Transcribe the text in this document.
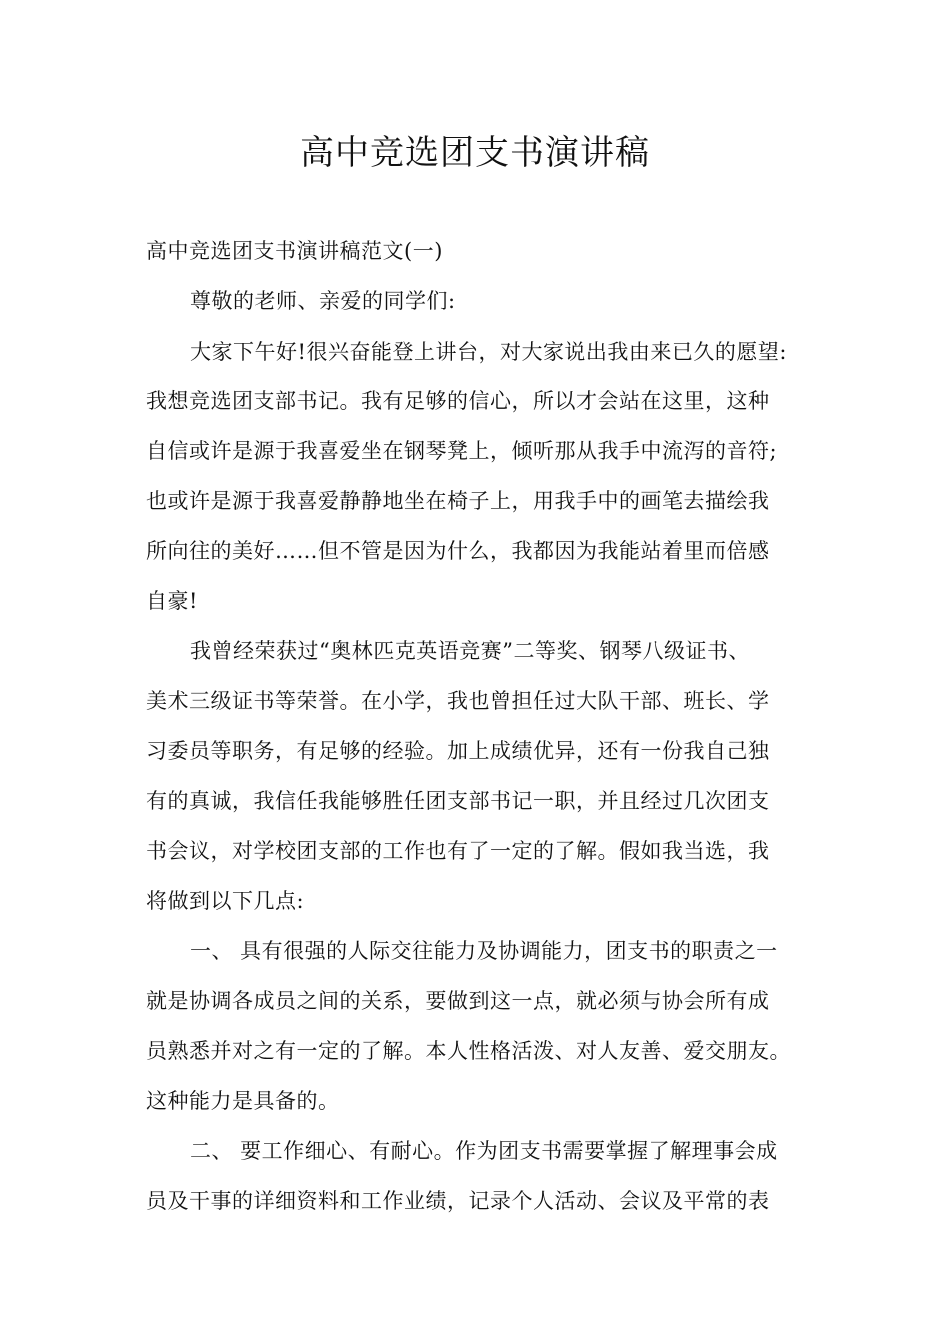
高中竞选团支书演讲稿
高中竞选团支书演讲稿范文(一)
尊敬的老师、亲爱的同学们:
大家下午好!很兴奋能登上讲台，对大家说出我由来已久的愿望:
我想竞选团支部书记。我有足够的信心，所以才会站在这里，这种
自信或许是源于我喜爱坐在钢琴凳上，倾听那从我手中流泻的音符;
也或许是源于我喜爱静静地坐在椅子上，用我手中的画笔去描绘我
所向往的美好……但不管是因为什么，我都因为我能站着里而倍感
自豪!
我曾经荣获过“奥林匹克英语竞赛”二等奖、钢琴八级证书、
美术三级证书等荣誉。在小学，我也曾担任过大队干部、班长、学
习委员等职务，有足够的经验。加上成绩优异，还有一份我自己独
有的真诚，我信任我能够胜任团支部书记一职，并且经过几次团支
书会议，对学校团支部的工作也有了一定的了解。假如我当选，我
将做到以下几点:
一、 具有很强的人际交往能力及协调能力，团支书的职责之一
就是协调各成员之间的关系，要做到这一点，就必须与协会所有成
员熟悉并对之有一定的了解。本人性格活泼、对人友善、爱交朋友。
这种能力是具备的。
二、 要工作细心、有耐心。作为团支书需要掌握了解理事会成
员及干事的详细资料和工作业绩，记录个人活动、会议及平常的表
